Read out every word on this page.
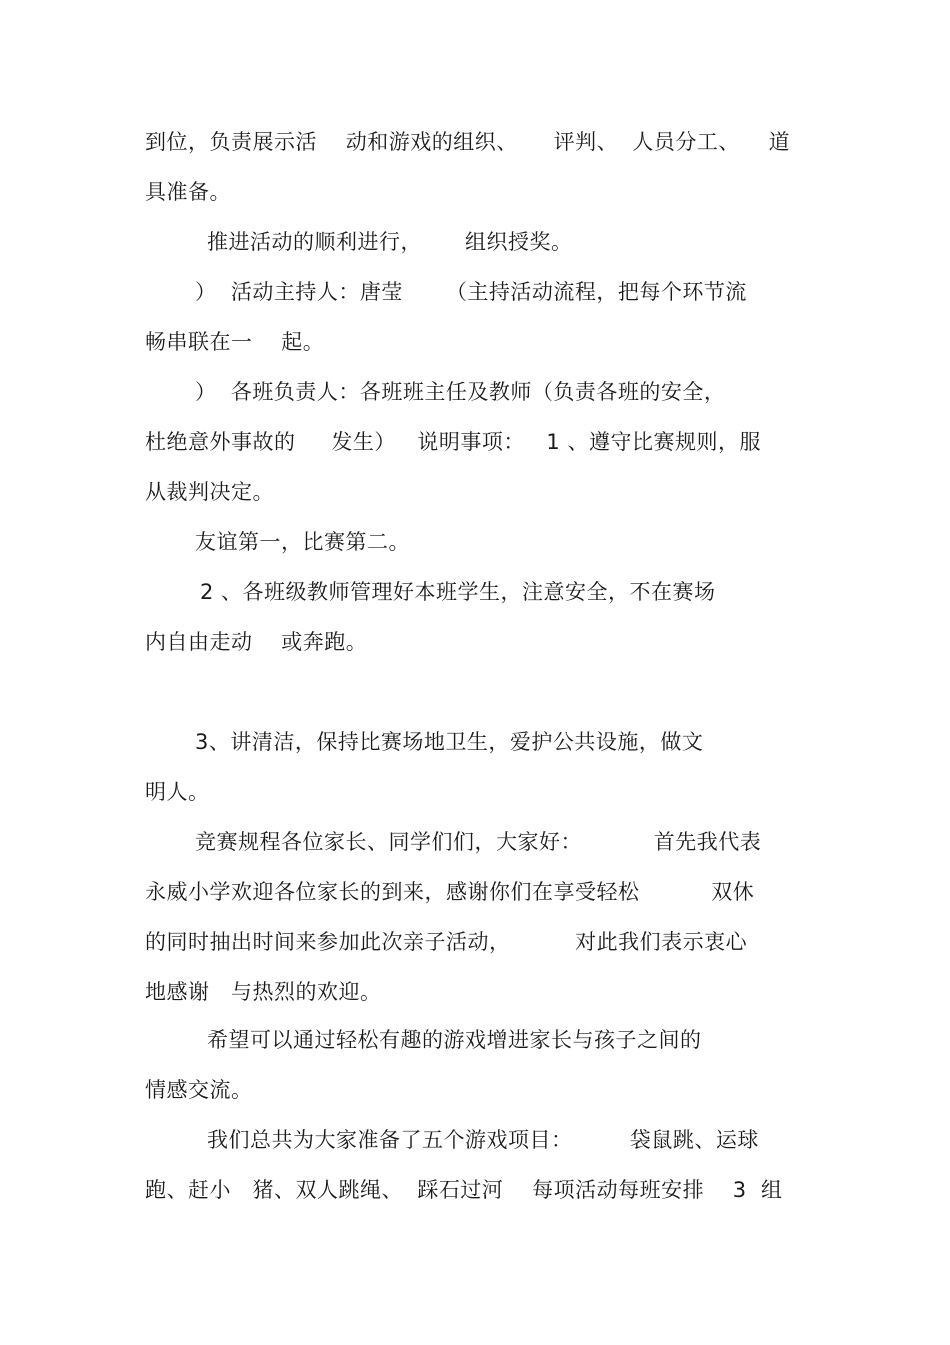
到位，负责展示活    动和游戏的组织、     评判、  人员分工、    道
具准备。
推进活动的顺利进行，      组织授奖。
）  活动主持人：唐莹      （主持活动流程，把每个环节流
畅串联在一    起。
）  各班负责人：各班班主任及教师（负责各班的安全，
杜绝意外事故的     发生）   说明事项：   1 、遵守比赛规则，服
从裁判决定。
友谊第一，比赛第二。
2 、各班级教师管理好本班学生，注意安全，不在赛场
内自由走动    或奔跑。
3、讲清洁，保持比赛场地卫生，爱护公共设施，做文
明人。
竞赛规程各位家长、同学们们，大家好：          首先我代表
永威小学欢迎各位家长的到来，感谢你们在享受轻松          双休
的同时抽出时间来参加此次亲子活动，         对此我们表示衷心
地感谢   与热烈的欢迎。
希望可以通过轻松有趣的游戏增进家长与孩子之间的
情感交流。
我们总共为大家准备了五个游戏项目：        袋鼠跳、运球
跑、赶小   猪、双人跳绳、  踩石过河    每项活动每班安排    3  组
